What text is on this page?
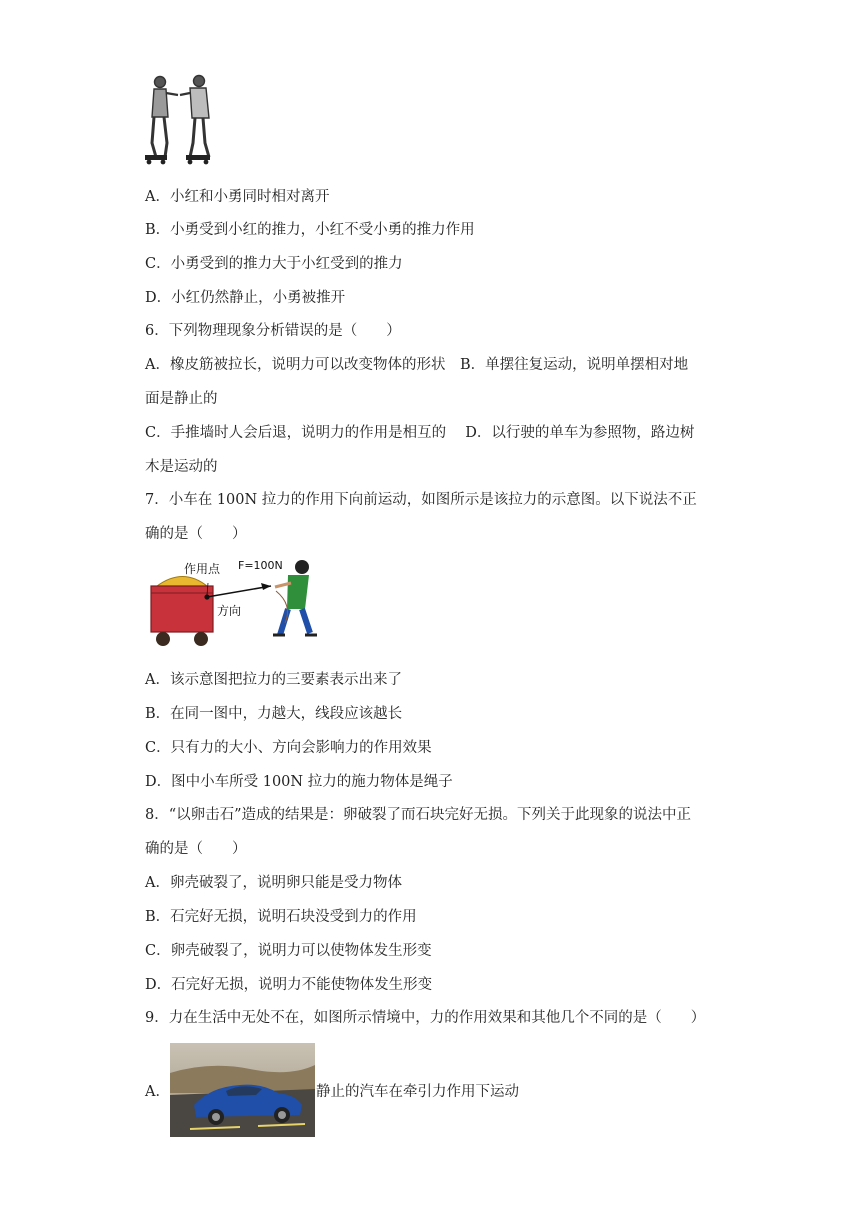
A．小红和小勇同时相对离开
B．小勇受到小红的推力，小红不受小勇的推力作用
C．小勇受到的推力大于小红受到的推力
D．小红仍然静止，小勇被推开
6．下列物理现象分析错误的是（　　）
A．橡皮筋被拉长，说明力可以改变物体的形状　B．单摆往复运动，说明单摆相对地
面是静止的
C．手推墙时人会后退，说明力的作用是相互的　 D．以行驶的单车为参照物，路边树
木是运动的
7．小车在 100N 拉力的作用下向前运动，如图所示是该拉力的示意图。以下说法不正
确的是（　　）
作用点 F=100N
方向
A．该示意图把拉力的三要素表示出来了
B．在同一图中，力越大，线段应该越长
C．只有力的大小、方向会影响力的作用效果
D．图中小车所受 100N 拉力的施力物体是绳子
8．“以卵击石”造成的结果是：卵破裂了而石块完好无损。下列关于此现象的说法中正
确的是（　　）
A．卵壳破裂了，说明卵只能是受力物体
B．石完好无损，说明石块没受到力的作用
C．卵壳破裂了，说明力可以使物体发生形变
D．石完好无损，说明力不能使物体发生形变
9．力在生活中无处不在，如图所示情境中，力的作用效果和其他几个不同的是（　　）
A．	静止的汽车在牵引力作用下运动
